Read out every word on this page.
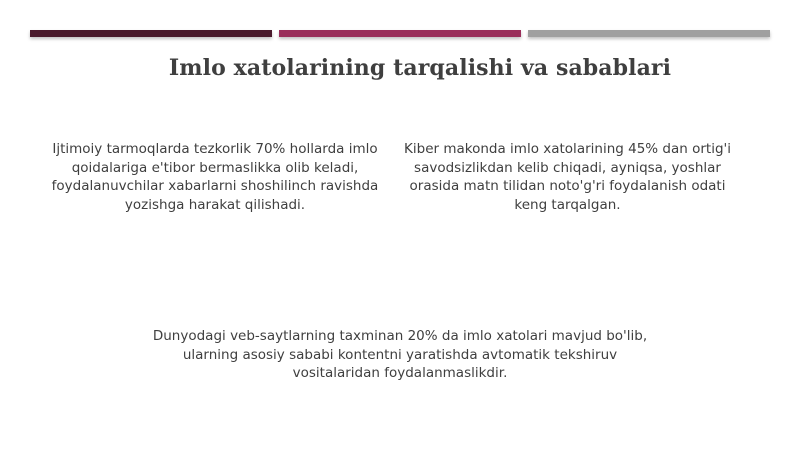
Imlo xatolarining tarqalishi va sabablari

Ijtimoiy tarmoqlarda tezkorlik 70% hollarda imlo qoidalariga e'tibor bermaslikka olib keladi, foydalanuvchilar xabarlarni shoshilinch ravishda yozishga harakat qilishadi.

Kiber makonda imlo xatolarining 45% dan ortig'i savodsizlikdan kelib chiqadi, ayniqsa, yoshlar orasida matn tilidan noto'g'ri foydalanish odati keng tarqalgan.

Dunyodagi veb-saytlarning taxminan 20% da imlo xatolari mavjud bo'lib, ularning asosiy sababi kontentni yaratishda avtomatik tekshiruv vositalaridan foydalanmaslikdir.
